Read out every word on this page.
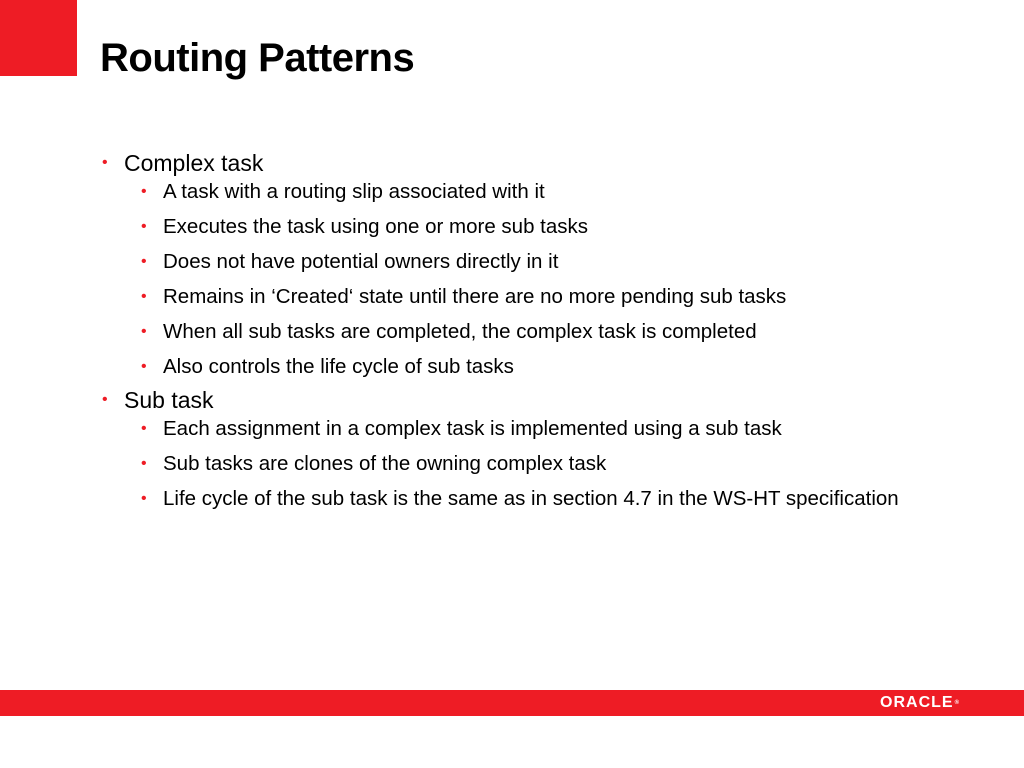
Routing Patterns
• Complex task
• A task with a routing slip associated with it
• Executes the task using one or more sub tasks
• Does not have potential owners directly in it
• Remains in ‘Created‘ state until there are no more pending sub tasks
• When all sub tasks are completed, the complex task is completed
• Also controls the life cycle of sub tasks
• Sub task
• Each assignment in a complex task is implemented using a sub task
• Sub tasks are clones of the owning complex task
• Life cycle of the sub task is the same as in section 4.7 in the WS-HT specification
ORACLE®
